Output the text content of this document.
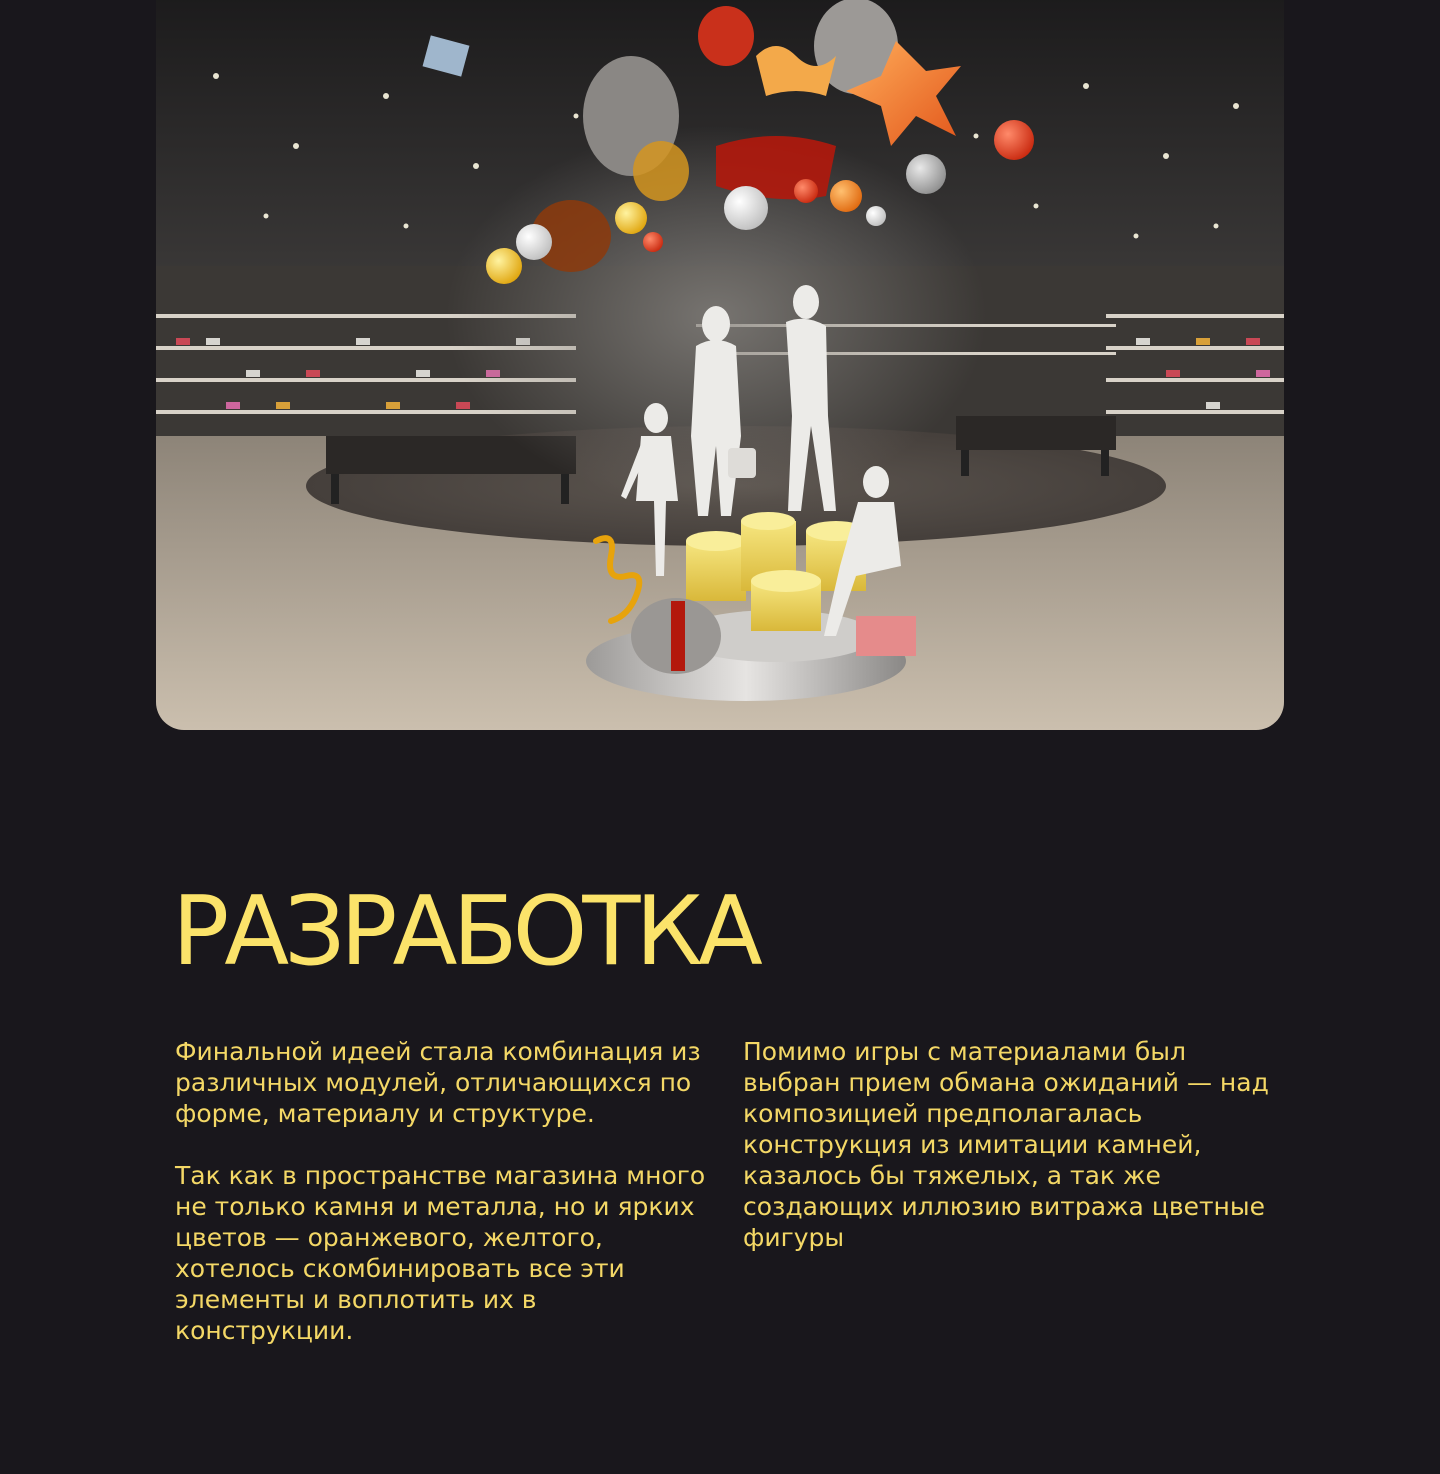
разработка

Финальной идеей стала комбинация из различных модулей, отличающихся по форме, материалу и структуре.

Так как в пространстве магазина много не только камня и металла, но и ярких цветов — оранжевого, желтого, хотелось скомбинировать все эти элементы и воплотить их в конструкции.

Помимо игры с материалами был выбран прием обмана ожиданий — над композицией предполагалась конструкция из имитации камней, казалось бы тяжелых, а так же создающих иллюзию витража цветные фигуры
